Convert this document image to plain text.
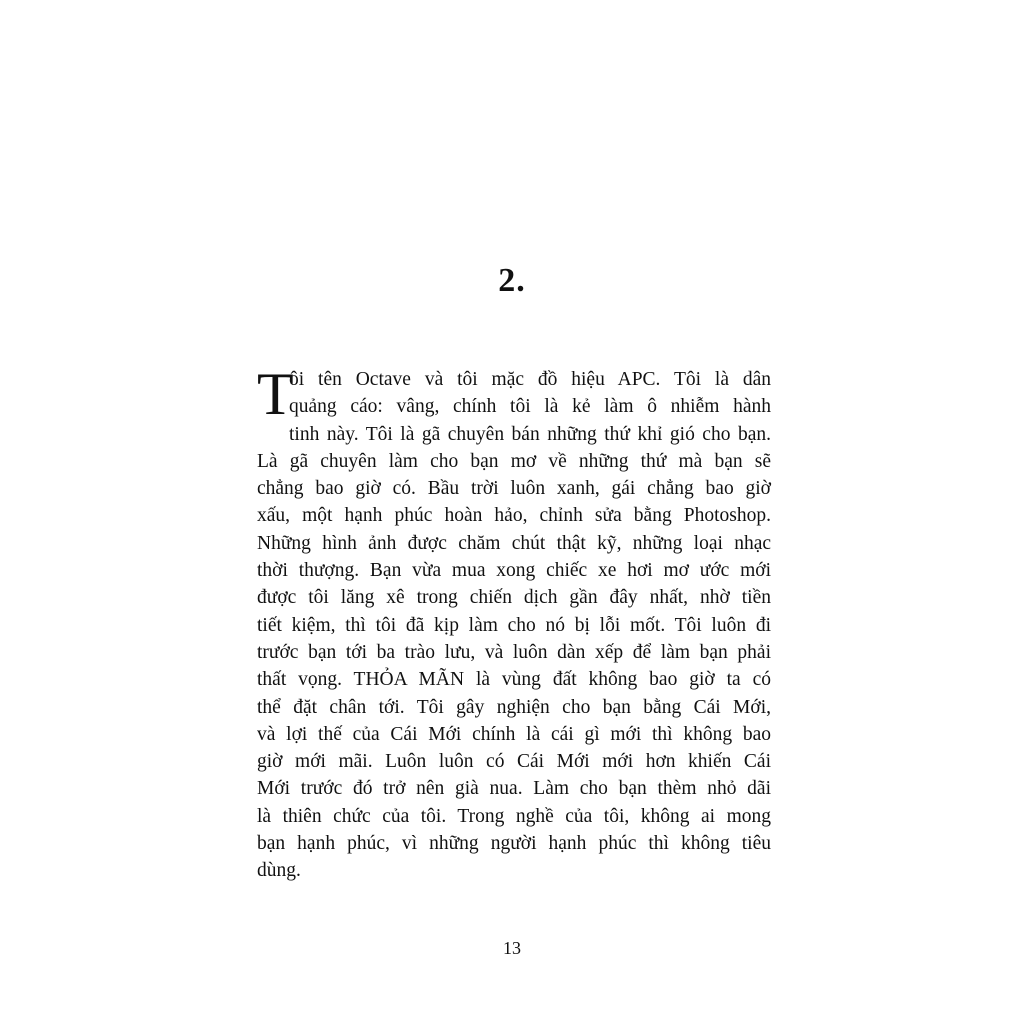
2.
T
ôi tên Octave và tôi mặc đồ hiệu APC. Tôi là dân
quảng cáo: vâng, chính tôi là kẻ làm ô nhiễm hành
tinh này. Tôi là gã chuyên bán những thứ khỉ gió cho bạn.
Là gã chuyên làm cho bạn mơ về những thứ mà bạn sẽ
chẳng bao giờ có. Bầu trời luôn xanh, gái chẳng bao giờ
xấu, một hạnh phúc hoàn hảo, chỉnh sửa bằng Photoshop.
Những hình ảnh được chăm chút thật kỹ, những loại nhạc
thời thượng. Bạn vừa mua xong chiếc xe hơi mơ ước mới
được tôi lăng xê trong chiến dịch gần đây nhất, nhờ tiền
tiết kiệm, thì tôi đã kịp làm cho nó bị lỗi mốt. Tôi luôn đi
trước bạn tới ba trào lưu, và luôn dàn xếp để làm bạn phải
thất vọng. THỎA MÃN là vùng đất không bao giờ ta có
thể đặt chân tới. Tôi gây nghiện cho bạn bằng Cái Mới,
và lợi thế của Cái Mới chính là cái gì mới thì không bao
giờ mới mãi. Luôn luôn có Cái Mới mới hơn khiến Cái
Mới trước đó trở nên già nua. Làm cho bạn thèm nhỏ dãi
là thiên chức của tôi. Trong nghề của tôi, không ai mong
bạn hạnh phúc, vì những người hạnh phúc thì không tiêu
dùng.
13
